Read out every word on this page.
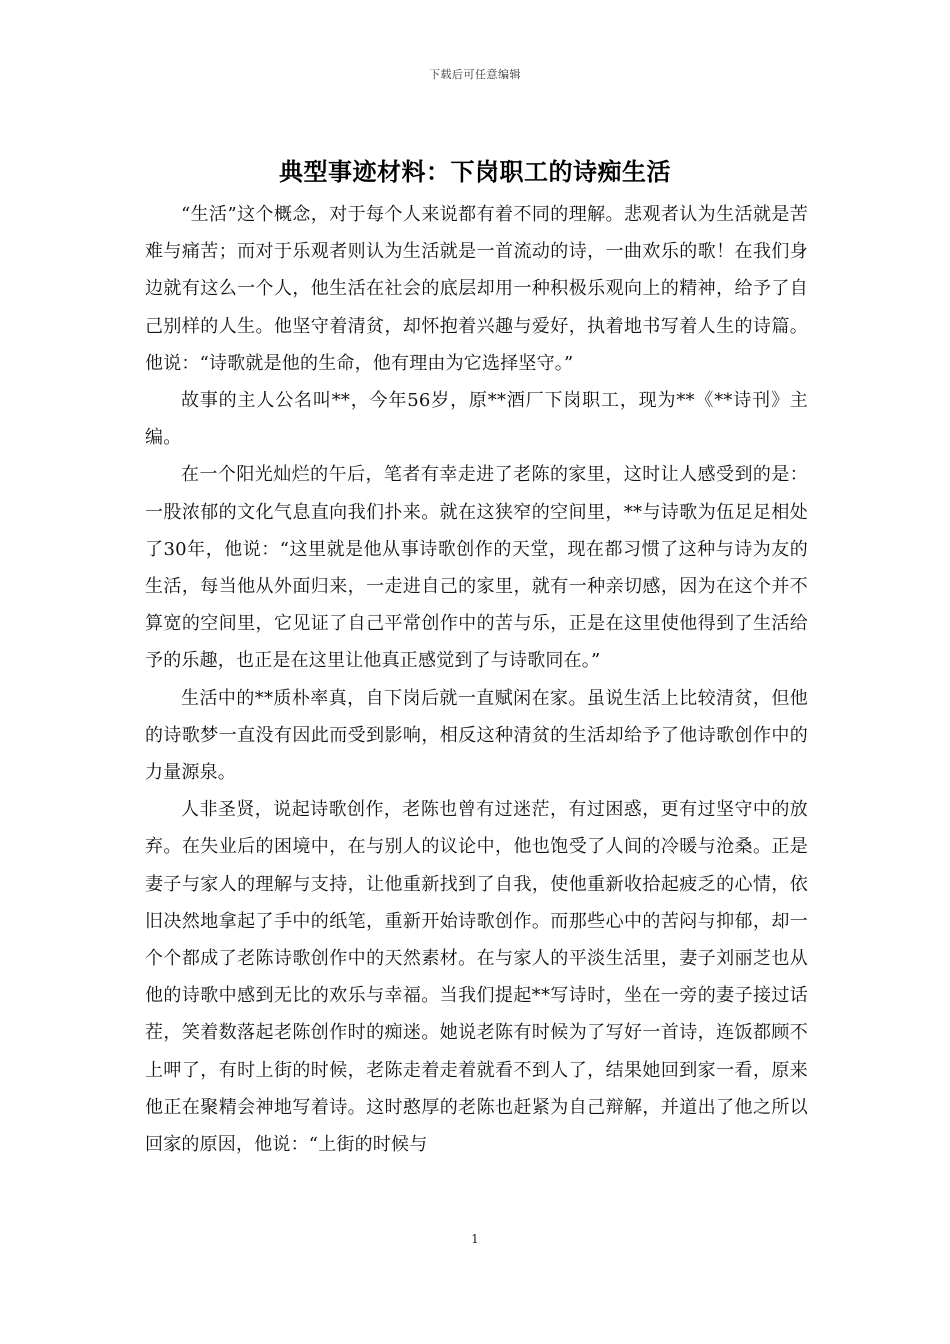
下载后可任意编辑
典型事迹材料：下岗职工的诗痴生活

“生活”这个概念，对于每个人来说都有着不同的理解。悲观者认为生活就是苦难与痛苦；而对于乐观者则认为生活就是一首流动的诗，一曲欢乐的歌！在我们身边就有这么一个人，他生活在社会的底层却用一种积极乐观向上的精神，给予了自己别样的人生。他坚守着清贫，却怀抱着兴趣与爱好，执着地书写着人生的诗篇。他说：“诗歌就是他的生命，他有理由为它选择坚守。”

故事的主人公名叫**，今年56岁，原**酒厂下岗职工，现为**《**诗刊》主编。

在一个阳光灿烂的午后，笔者有幸走进了老陈的家里，这时让人感受到的是：一股浓郁的文化气息直向我们扑来。就在这狭窄的空间里，**与诗歌为伍足足相处了30年，他说：“这里就是他从事诗歌创作的天堂，现在都习惯了这种与诗为友的生活，每当他从外面归来，一走进自己的家里，就有一种亲切感，因为在这个并不算宽的空间里，它见证了自己平常创作中的苦与乐，正是在这里使他得到了生活给予的乐趣，也正是在这里让他真正感觉到了与诗歌同在。”

生活中的**质朴率真，自下岗后就一直赋闲在家。虽说生活上比较清贫，但他的诗歌梦一直没有因此而受到影响，相反这种清贫的生活却给予了他诗歌创作中的力量源泉。

人非圣贤，说起诗歌创作，老陈也曾有过迷茫，有过困惑，更有过坚守中的放弃。在失业后的困境中，在与别人的议论中，他也饱受了人间的冷暖与沧桑。正是妻子与家人的理解与支持，让他重新找到了自我，使他重新收拾起疲乏的心情，依旧决然地拿起了手中的纸笔，重新开始诗歌创作。而那些心中的苦闷与抑郁，却一个个都成了老陈诗歌创作中的天然素材。在与家人的平淡生活里，妻子刘丽芝也从他的诗歌中感到无比的欢乐与幸福。当我们提起**写诗时，坐在一旁的妻子接过话茬，笑着数落起老陈创作时的痴迷。她说老陈有时候为了写好一首诗，连饭都顾不上呷了，有时上街的时候，老陈走着走着就看不到人了，结果她回到家一看，原来他正在聚精会神地写着诗。这时憨厚的老陈也赶紧为自己辩解，并道出了他之所以回家的原因，他说：“上街的时候与

1
